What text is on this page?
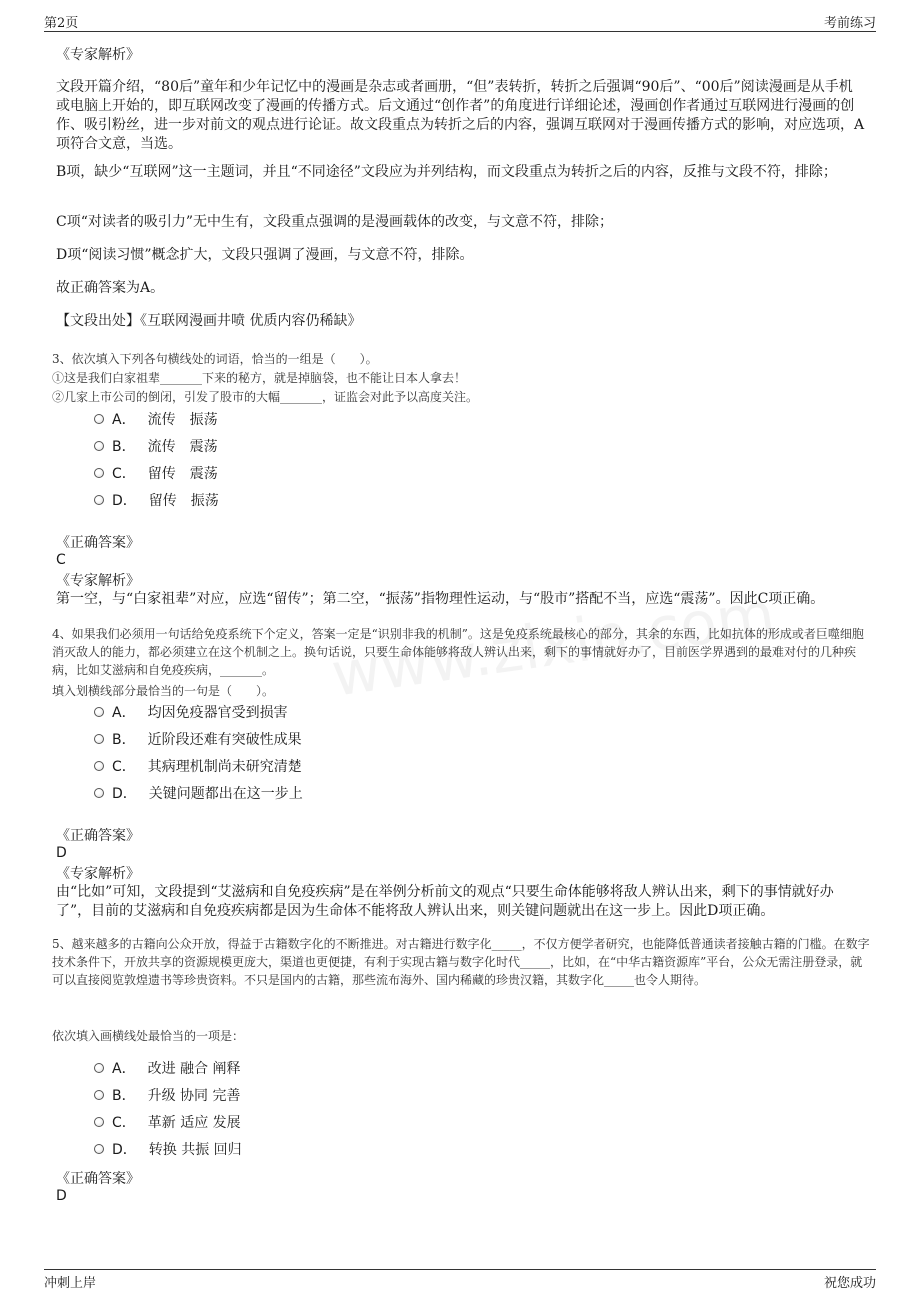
第2页	考前练习

《专家解析》

文段开篇介绍，“80后”童年和少年记忆中的漫画是杂志或者画册，“但”表转折，转折之后强调“90后”、“00后”阅读漫画是从手机或电脑上开始的，即互联网改变了漫画的传播方式。后文通过“创作者”的角度进行详细论述，漫画创作者通过互联网进行漫画的创作、吸引粉丝，进一步对前文的观点进行论证。故文段重点为转折之后的内容，强调互联网对于漫画传播方式的影响，对应选项，A项符合文意，当选。

B项，缺少“互联网”这一主题词，并且“不同途径”文段应为并列结构，而文段重点为转折之后的内容，反推与文段不符，排除；

C项“对读者的吸引力”无中生有，文段重点强调的是漫画载体的改变，与文意不符，排除；

D项“阅读习惯”概念扩大，文段只强调了漫画，与文意不符，排除。

故正确答案为A。

【文段出处】《互联网漫画井喷 优质内容仍稀缺》

3、依次填入下列各句横线处的词语，恰当的一组是（　　）。

①这是我们白家祖辈_______下来的秘方，就是掉脑袋，也不能让日本人拿去！

②几家上市公司的倒闭，引发了股市的大幅_______，证监会对此予以高度关注。

A． 流传　振荡
B． 流传　震荡
C． 留传　震荡
D． 留传　振荡

《正确答案》

C

《专家解析》

第一空，与“白家祖辈”对应，应选“留传”；第二空，“振荡”指物理性运动，与“股市”搭配不当，应选“震荡”。因此C项正确。

4、如果我们必须用一句话给免疫系统下个定义，答案一定是“识别非我的机制”。这是免疫系统最核心的部分，其余的东西，比如抗体的形成或者巨噬细胞消灭敌人的能力，都必须建立在这个机制之上。换句话说，只要生命体能够将敌人辨认出来，剩下的事情就好办了，目前医学界遇到的最难对付的几种疾病，比如艾滋病和自免疫疾病，_______。

填入划横线部分最恰当的一句是（　　）。

A． 均因免疫器官受到损害
B． 近阶段还难有突破性成果
C． 其病理机制尚未研究清楚
D． 关键问题都出在这一步上

《正确答案》

D

《专家解析》

由“比如”可知，文段提到“艾滋病和自免疫疾病”是在举例分析前文的观点“只要生命体能够将敌人辨认出来，剩下的事情就好办了”，目前的艾滋病和自免疫疾病都是因为生命体不能将敌人辨认出来，则关键问题就出在这一步上。因此D项正确。

5、越来越多的古籍向公众开放，得益于古籍数字化的不断推进。对古籍进行数字化_____，不仅方便学者研究，也能降低普通读者接触古籍的门槛。在数字技术条件下，开放共享的资源规模更庞大，渠道也更便捷，有利于实现古籍与数字化时代_____，比如，在“中华古籍资源库”平台，公众无需注册登录，就可以直接阅览敦煌遗书等珍贵资料。不只是国内的古籍，那些流布海外、国内稀藏的珍贵汉籍，其数字化_____也令人期待。

依次填入画横线处最恰当的一项是：

A． 改进 融合 阐释
B． 升级 协同 完善
C． 革新 适应 发展
D． 转换 共振 回归

《正确答案》

D

冲刺上岸	祝您成功
